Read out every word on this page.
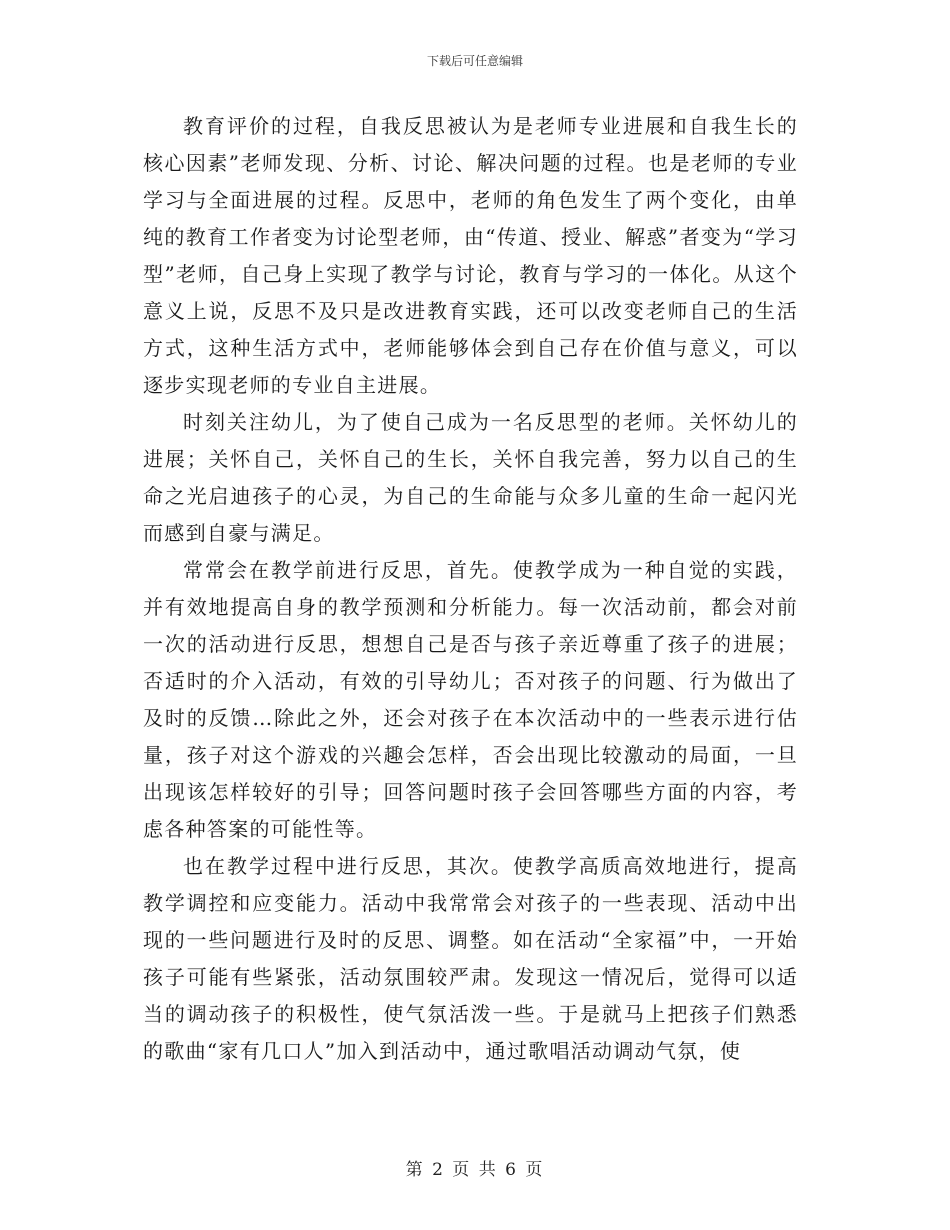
下载后可任意编辑

教育评价的过程，自我反思被认为是老师专业进展和自我生长的核心因素”老师发现、分析、讨论、解决问题的过程。也是老师的专业学习与全面进展的过程。反思中，老师的角色发生了两个变化，由单纯的教育工作者变为讨论型老师，由“传道、授业、解惑”者变为“学习型”老师，自己身上实现了教学与讨论，教育与学习的一体化。从这个意义上说，反思不及只是改进教育实践，还可以改变老师自己的生活方式，这种生活方式中，老师能够体会到自己存在价值与意义，可以逐步实现老师的专业自主进展。

时刻关注幼儿，为了使自己成为一名反思型的老师。关怀幼儿的进展；关怀自己，关怀自己的生长，关怀自我完善，努力以自己的生命之光启迪孩子的心灵，为自己的生命能与众多儿童的生命一起闪光而感到自豪与满足。

常常会在教学前进行反思，首先。使教学成为一种自觉的实践，并有效地提高自身的教学预测和分析能力。每一次活动前，都会对前一次的活动进行反思，想想自己是否与孩子亲近尊重了孩子的进展；否适时的介入活动，有效的引导幼儿；否对孩子的问题、行为做出了及时的反馈…除此之外，还会对孩子在本次活动中的一些表示进行估量，孩子对这个游戏的兴趣会怎样，否会出现比较激动的局面，一旦出现该怎样较好的引导；回答问题时孩子会回答哪些方面的内容，考虑各种答案的可能性等。

也在教学过程中进行反思，其次。使教学高质高效地进行，提高教学调控和应变能力。活动中我常常会对孩子的一些表现、活动中出现的一些问题进行及时的反思、调整。如在活动“全家福”中，一开始孩子可能有些紧张，活动氛围较严肃。发现这一情况后，觉得可以适当的调动孩子的积极性，使气氛活泼一些。于是就马上把孩子们熟悉的歌曲“家有几口人”加入到活动中，通过歌唱活动调动气氛，使

第 2 页 共 6 页
